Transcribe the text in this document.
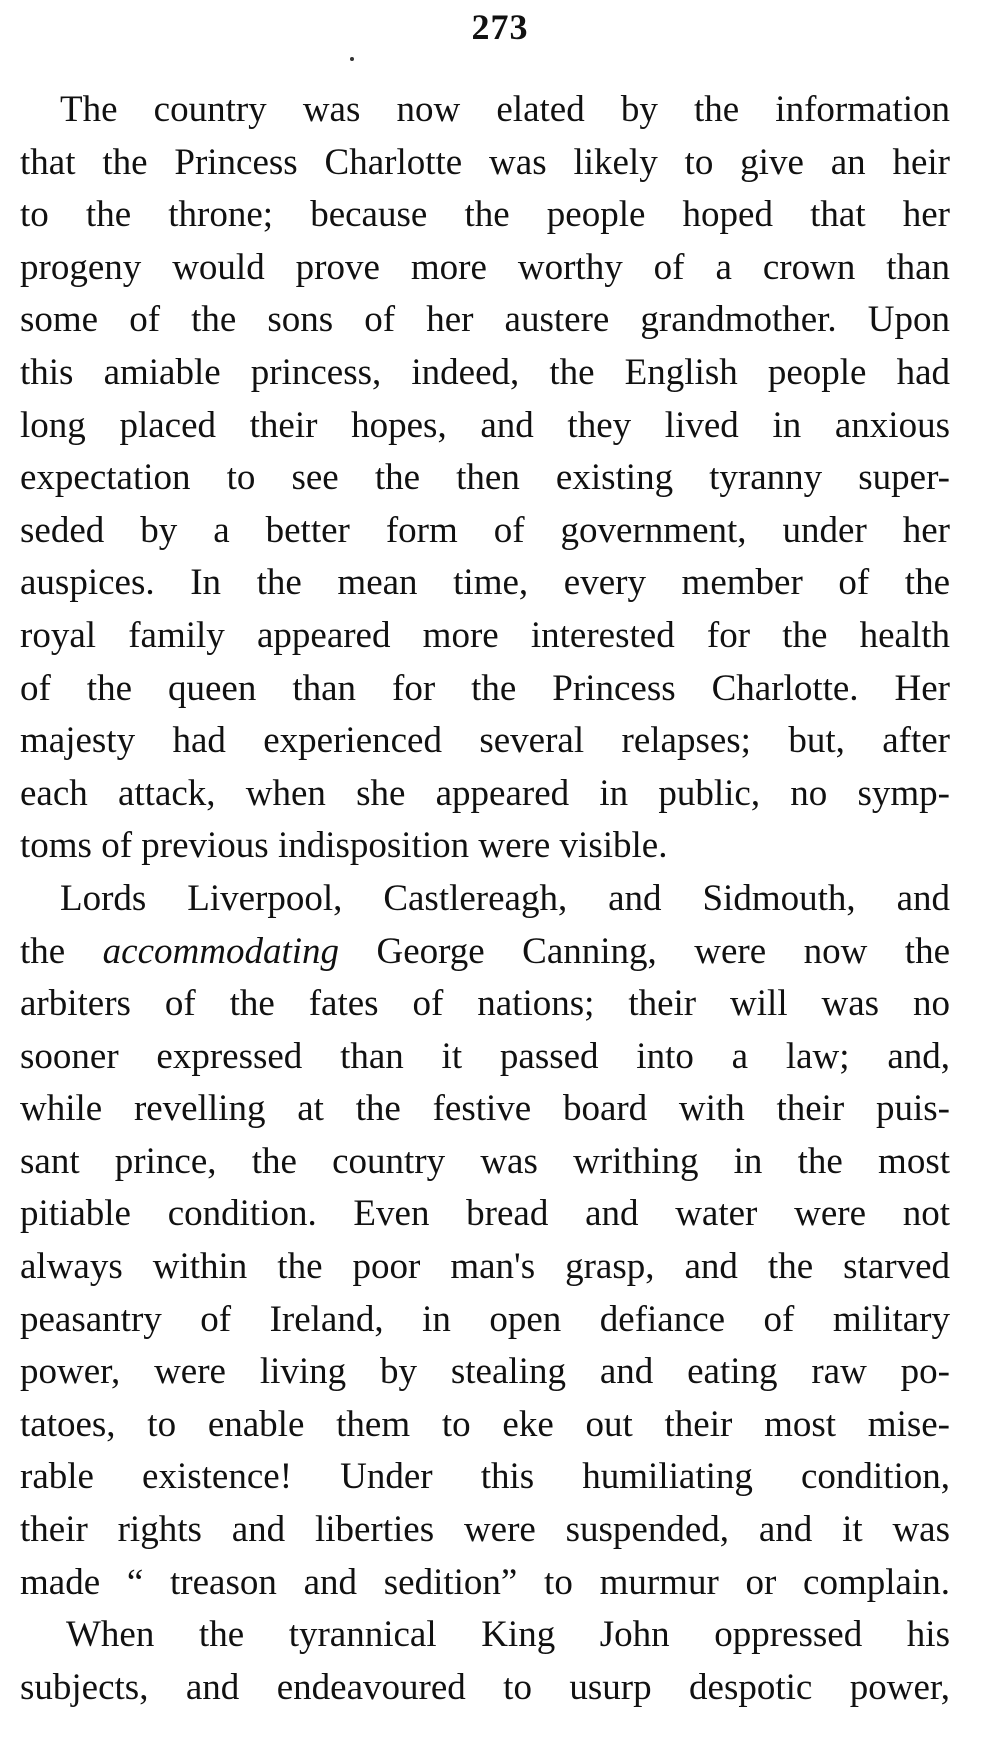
273

The country was now elated by the information
that the Princess Charlotte was likely to give an heir
to the throne; because the people hoped that her
progeny would prove more worthy of a crown than
some of the sons of her austere grandmother. Upon
this amiable princess, indeed, the English people had
long placed their hopes, and they lived in anxious
expectation to see the then existing tyranny super-
seded by a better form of government, under her
auspices. In the mean time, every member of the
royal family appeared more interested for the health
of the queen than for the Princess Charlotte. Her
majesty had experienced several relapses; but, after
each attack, when she appeared in public, no symp-
toms of previous indisposition were visible.

Lords Liverpool, Castlereagh, and Sidmouth, and
the accommodating George Canning, were now the
arbiters of the fates of nations; their will was no
sooner expressed than it passed into a law; and,
while revelling at the festive board with their puis-
sant prince, the country was writhing in the most
pitiable condition. Even bread and water were not
always within the poor man's grasp, and the starved
peasantry of Ireland, in open defiance of military
power, were living by stealing and eating raw po-
tatoes, to enable them to eke out their most mise-
rable existence! Under this humiliating condition,
their rights and liberties were suspended, and it was
made “ treason and sedition” to murmur or complain.

When the tyrannical King John oppressed his
subjects, and endeavoured to usurp despotic power,
